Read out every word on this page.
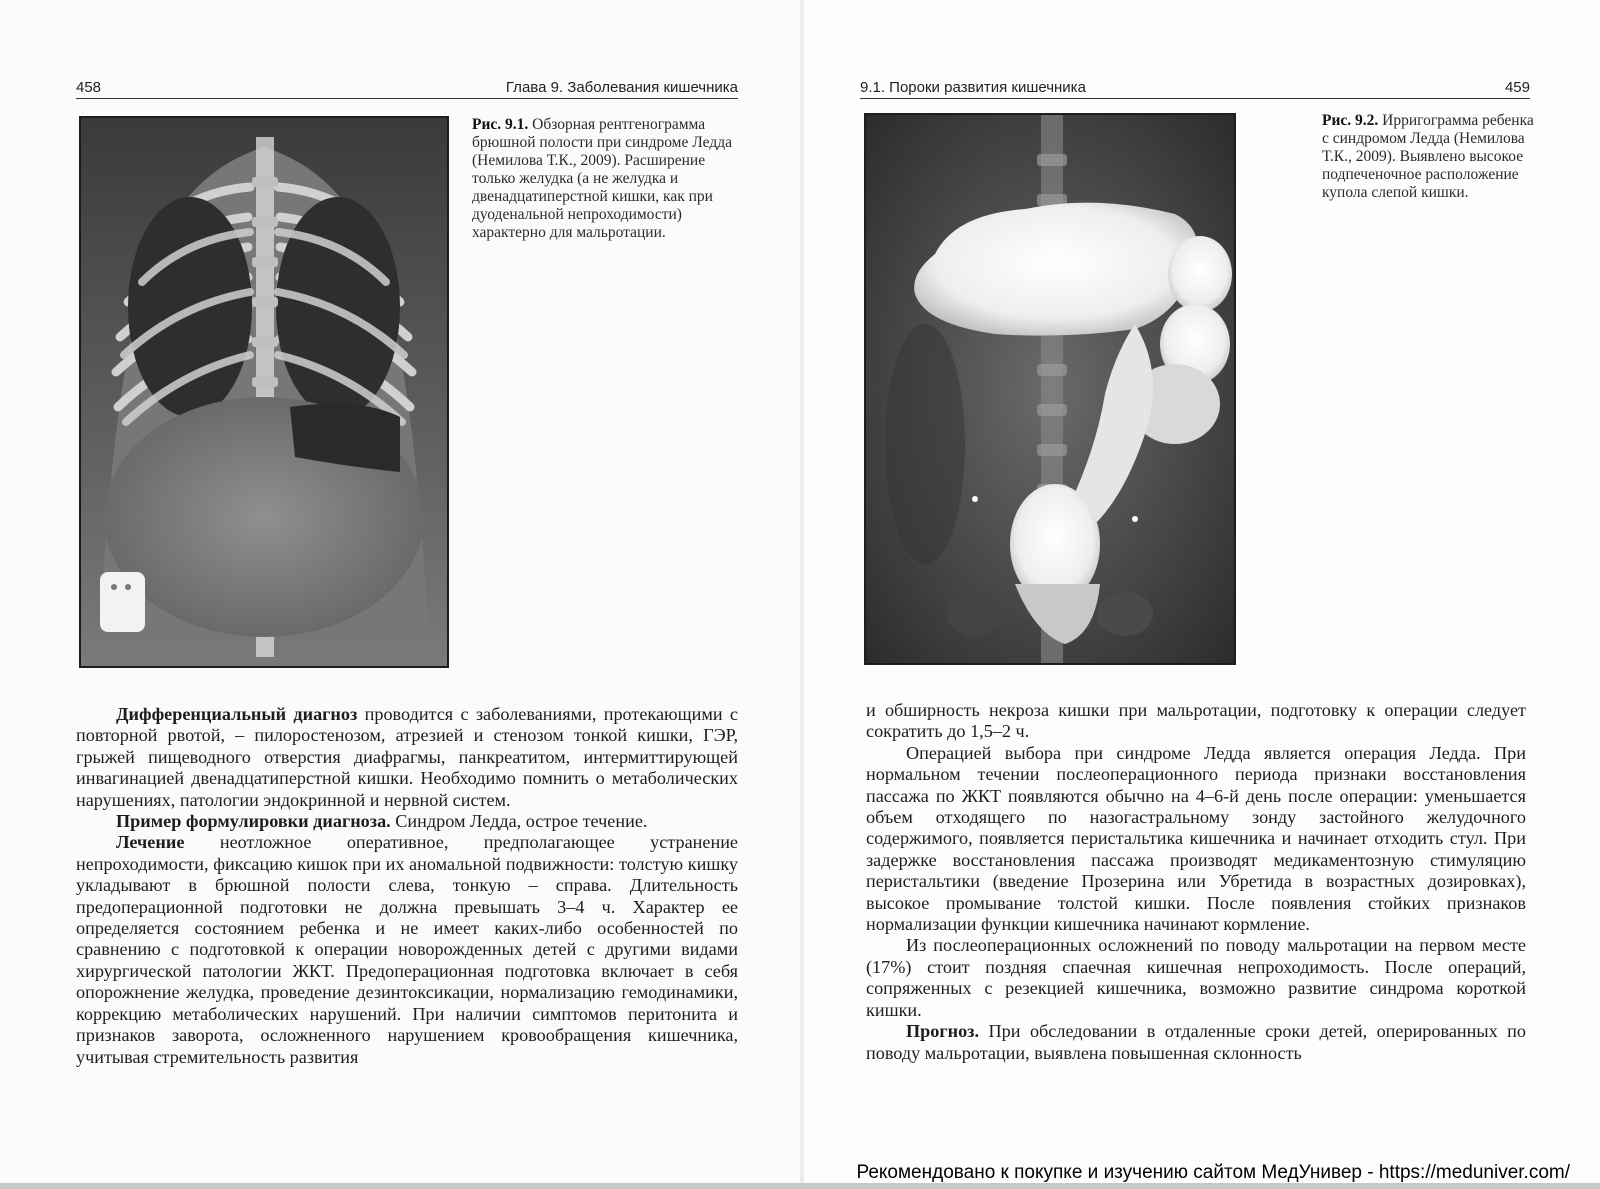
458	Глава 9. Заболевания кишечника
Рис. 9.1. Обзорная рентгенограмма брюшной полости при синдроме Ледда (Немилова Т.К., 2009). Расширение только желудка (а не желудка и двенадцатиперстной кишки, как при дуоденальной непроходимости) характерно для мальротации.

Дифференциальный диагноз проводится с заболеваниями, протекающими с повторной рвотой, – пилоростенозом, атрезией и стенозом тонкой кишки, ГЭР, грыжей пищеводного отверстия диафрагмы, панкреатитом, интермиттирующей инвагинацией двенадцатиперстной кишки. Необходимо помнить о метаболических нарушениях, патологии эндокринной и нервной систем.

Пример формулировки диагноза. Синдром Ледда, острое течение.

Лечение неотложное оперативное, предполагающее устранение непроходимости, фиксацию кишок при их аномальной подвижности: толстую кишку укладывают в брюшной полости слева, тонкую – справа. Длительность предоперационной подготовки не должна превышать 3–4 ч. Характер ее определяется состоянием ребенка и не имеет каких-либо особенностей по сравнению с подготовкой к операции новорожденных детей с другими видами хирургической патологии ЖКТ. Предоперационная подготовка включает в себя опорожнение желудка, проведение дезинтоксикации, нормализацию гемодинамики, коррекцию метаболических нарушений. При наличии симптомов перитонита и признаков заворота, осложненного нарушением кровообращения кишечника, учитывая стремительность развития

9.1. Пороки развития кишечника	459
Рис. 9.2. Ирригограмма ребенка с синдромом Ледда (Немилова Т.К., 2009). Выявлено высокое подпеченочное расположение купола слепой кишки.

и обширность некроза кишки при мальротации, подготовку к операции следует сократить до 1,5–2 ч.

Операцией выбора при синдроме Ледда является операция Ледда. При нормальном течении послеоперационного периода признаки восстановления пассажа по ЖКТ появляются обычно на 4–6-й день после операции: уменьшается объем отходящего по назогастральному зонду застойного желудочного содержимого, появляется перистальтика кишечника и начинает отходить стул. При задержке восстановления пассажа производят медикаментозную стимуляцию перистальтики (введение Прозерина или Убретида в возрастных дозировках), высокое промывание толстой кишки. После появления стойких признаков нормализации функции кишечника начинают кормление.

Из послеоперационных осложнений по поводу мальротации на первом месте (17%) стоит поздняя спаечная кишечная непроходимость. После операций, сопряженных с резекцией кишечника, возможно развитие синдрома короткой кишки.

Прогноз. При обследовании в отдаленные сроки детей, оперированных по поводу мальротации, выявлена повышенная склонность

Рекомендовано к покупке и изучению сайтом МедУнивер - https://meduniver.com/
